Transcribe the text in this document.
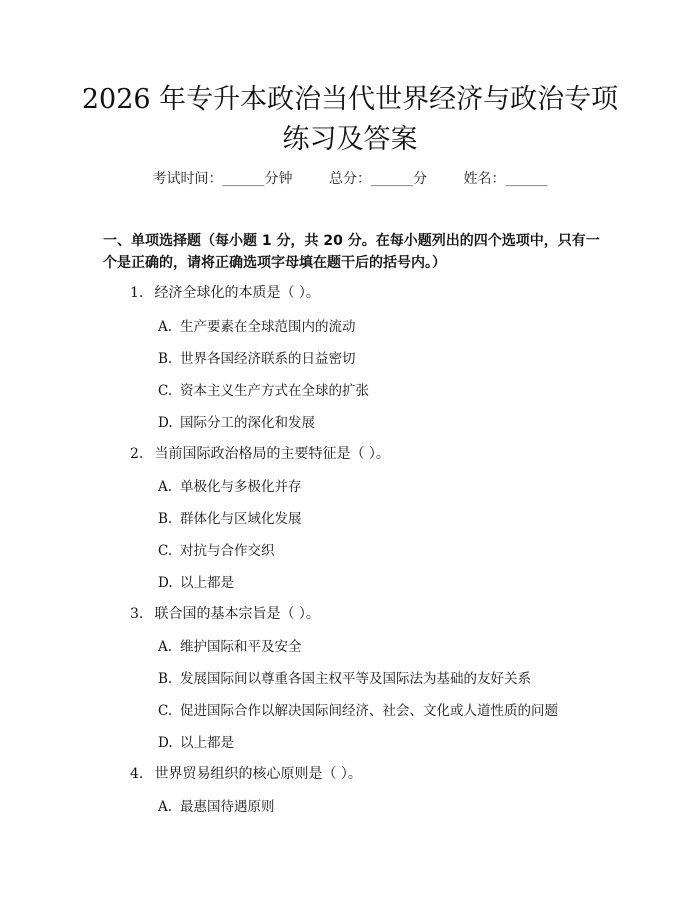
2026 年专升本政治当代世界经济与政治专项
练习及答案
考试时间：______分钟	总分：______分	姓名：______
一、单项选择题（每小题 1 分，共 20 分。在每小题列出的四个选项中，只有一个是正确的，请将正确选项字母填在题干后的括号内。）
1. 经济全球化的本质是（ ）。
A. 生产要素在全球范围内的流动
B. 世界各国经济联系的日益密切
C. 资本主义生产方式在全球的扩张
D. 国际分工的深化和发展
2. 当前国际政治格局的主要特征是（ ）。
A. 单极化与多极化并存
B. 群体化与区域化发展
C. 对抗与合作交织
D. 以上都是
3. 联合国的基本宗旨是（ ）。
A. 维护国际和平及安全
B. 发展国际间以尊重各国主权平等及国际法为基础的友好关系
C. 促进国际合作以解决国际间经济、社会、文化或人道性质的问题
D. 以上都是
4. 世界贸易组织的核心原则是（ ）。
A. 最惠国待遇原则
